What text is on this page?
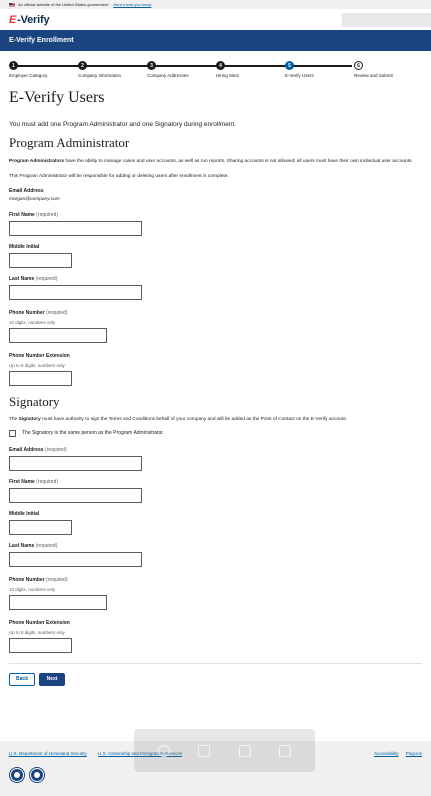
An official website of the United States government Here's how you know
E -Verify
E-Verify Enrollment
1
Employer Category
2
Company Information
3
Company Addresses
4
Hiring Sites
5
E-Verify Users
6
Review and Submit
E-Verify Users

You must add one Program Administrator and one Signatory during enrollment.

Program Administrator

Program Administrators have the ability to manage cases and user accounts, as well as run reports. Sharing accounts is not allowed; all users must have their own individual user accounts.

This Program Administrator will be responsible for adding or deleting users after enrollment is complete.

Email Address
morgan@company.com
First Name (required)
Middle Initial
Last Name (required)
Phone Number (required)
10 digits, numbers only
Phone Number Extension
Up to 6 digits, numbers only
Signatory

The Signatory must have authority to sign the Terms and Conditions behalf of your company and will be added as the Point of Contact on the E-Verify account.

The Signatory is the same person as the Program Administrator.
Email Address (required)
First Name (required)
Middle Initial
Last Name (required)
Phone Number (required)
10 digits, numbers only
Phone Number Extension
Up to 6 digits, numbers only
Back	Next
U.S. Department of Homeland Security	U.S. Citizenship and Immigration Services	Accessibility Plug-ins
